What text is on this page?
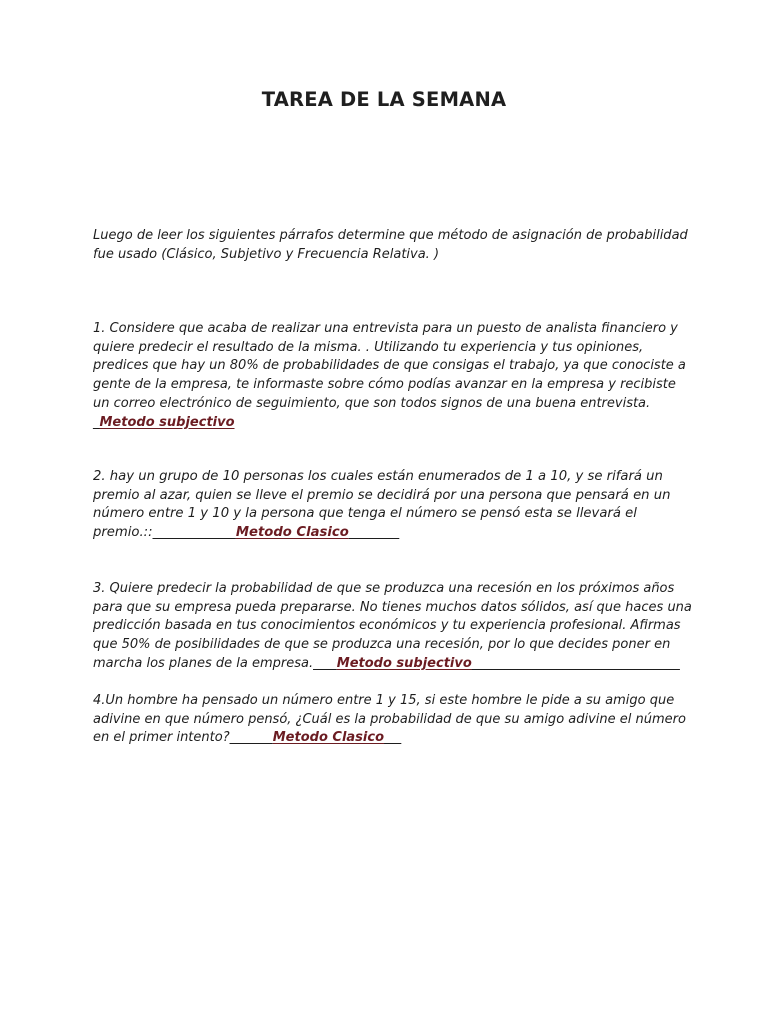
TAREA DE LA SEMANA

Luego de leer los siguientes párrafos determine que método de asignación de probabilidad
fue usado (Clásico, Subjetivo y Frecuencia Relativa. )

1. Considere que acaba de realizar una entrevista para un puesto de analista financiero y
quiere predecir el resultado de la misma. . Utilizando tu experiencia y tus opiniones,
predices que hay un 80% de probabilidades de que consigas el trabajo, ya que conociste a
gente de la empresa, te informaste sobre cómo podías avanzar en la empresa y recibiste
un correo electrónico de seguimiento, que son todos signos de una buena entrevista.
_Metodo subjectivo

2. hay un grupo de 10 personas los cuales están enumerados de 1 a 10, y se rifará un
premio al azar, quien se lleve el premio se decidirá por una persona que pensará en un
número entre 1 y 10 y la persona que tenga el número se pensó esta se llevará el
premio.::____________ Metodo Clasico _______

3. Quiere predecir la probabilidad de que se produzca una recesión en los próximos años
para que su empresa pueda prepararse. No tienes muchos datos sólidos, así que haces una
predicción basada en tus conocimientos económicos y tu experiencia profesional. Afirmas
que 50% de posibilidades de que se produzca una recesión, por lo que decides poner en
marcha los planes de la empresa.___ Metodo subjectivo________________________________

4.Un hombre ha pensado un número entre 1 y 15, si este hombre le pide a su amigo que
adivine en que número pensó, ¿Cuál es la probabilidad de que su amigo adivine el número
en el primer intento?______ Metodo Clasico __
